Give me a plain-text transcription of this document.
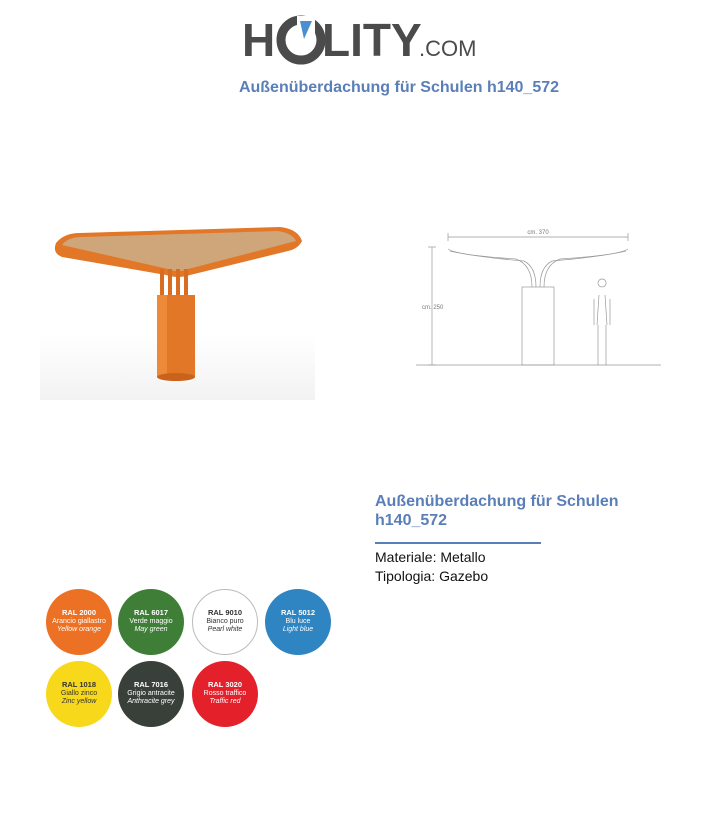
H LITY
.COM
Außenüberdachung für Schulen h140_572
cm. 370
cm. 250

Außenüberdachung für Schulen h140_572

Materiale: Metallo
Tipologia: Gazebo
RAL 2000
Arancio giallastro
Yellow orange
RAL 6017
Verde maggio
May green
RAL 9010
Bianco puro
Pearl white
RAL 5012
Blu luce
Light blue
RAL 1018
Giallo zinco
Zinc yellow
RAL 7016
Grigio antracite
Anthracite grey
RAL 3020
Rosso traffico
Traffic red
